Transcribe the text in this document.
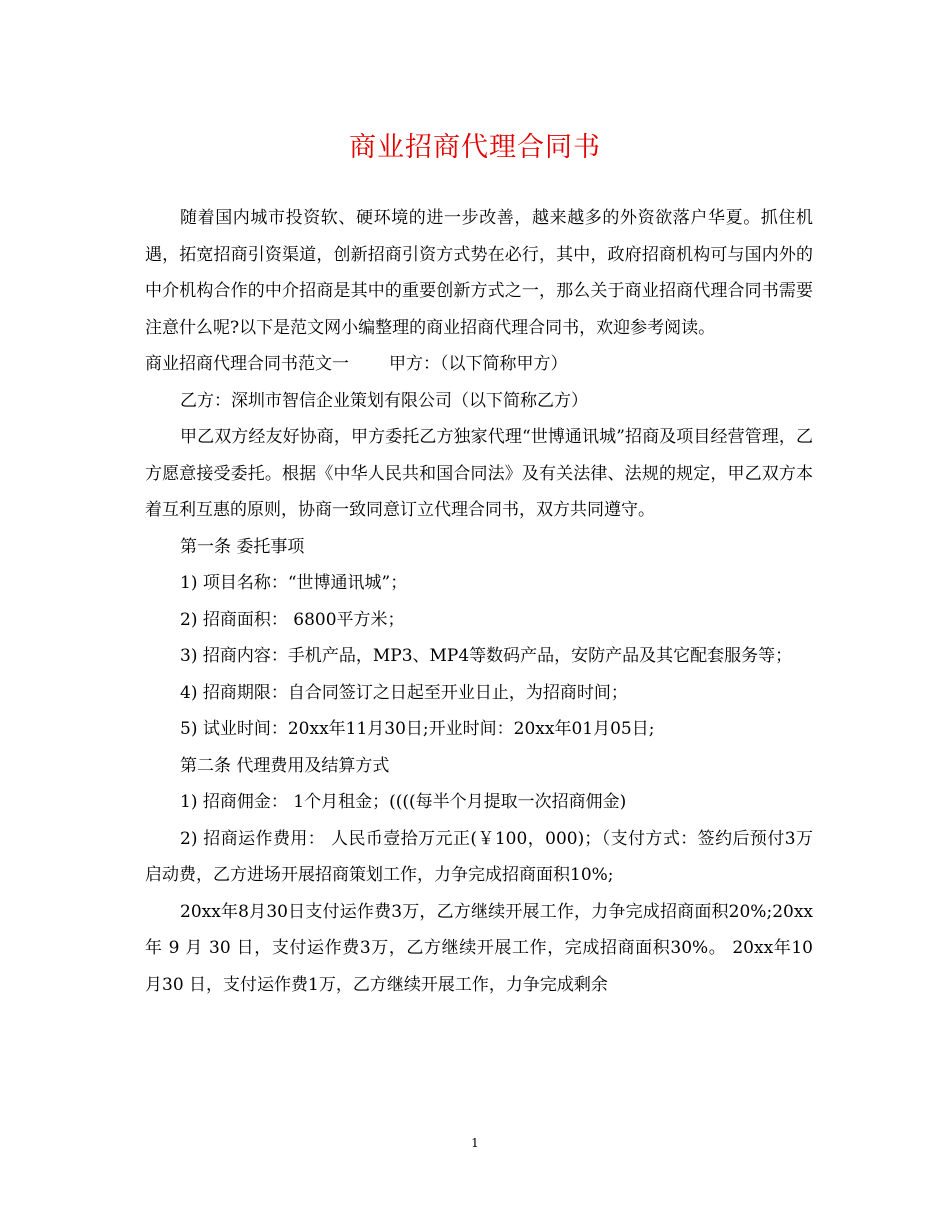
商业招商代理合同书

随着国内城市投资软、硬环境的进一步改善，越来越多的外资欲落户华夏。抓住机遇，拓宽招商引资渠道，创新招商引资方式势在必行，其中，政府招商机构可与国内外的中介机构合作的中介招商是其中的重要创新方式之一，那么关于商业招商代理合同书需要注意什么呢?以下是范文网小编整理的商业招商代理合同书，欢迎参考阅读。

商业招商代理合同书范文一 甲方：（以下简称甲方）

乙方：深圳市智信企业策划有限公司（以下简称乙方）

甲乙双方经友好协商，甲方委托乙方独家代理“世博通讯城”招商及项目经营管理，乙方愿意接受委托。根据《中华人民共和国合同法》及有关法律、法规的规定，甲乙双方本着互利互惠的原则，协商一致同意订立代理合同书，双方共同遵守。

第一条 委托事项

1) 项目名称：“世博通讯城”；

2) 招商面积： 6800平方米；

3) 招商内容：手机产品，MP3、MP4等数码产品，安防产品及其它配套服务等；

4) 招商期限：自合同签订之日起至开业日止，为招商时间；

5) 试业时间：20xx年11月30日;开业时间：20xx年01月05日;

第二条 代理费用及结算方式

1) 招商佣金： 1个月租金；((((每半个月提取一次招商佣金)

2) 招商运作费用： 人民币壹拾万元正(￥100，000)；（支付方式：签约后预付3万启动费，乙方进场开展招商策划工作，力争完成招商面积10%;

20xx年8月30日支付运作费3万，乙方继续开展工作，力争完成招商面积20%;20xx年 9 月 30 日，支付运作费3万，乙方继续开展工作，完成招商面积30%。 20xx年10 月30 日，支付运作费1万，乙方继续开展工作，力争完成剩余

1
